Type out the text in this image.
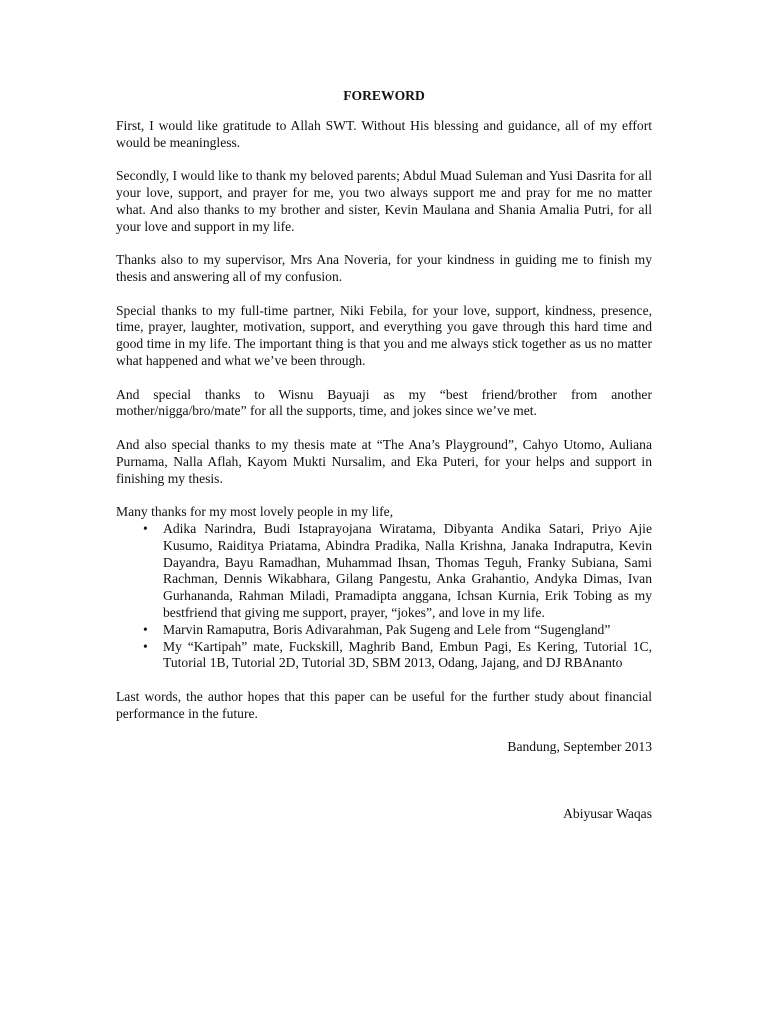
FOREWORD

First, I would like gratitude to Allah SWT. Without His blessing and guidance, all of my effort would be meaningless.

Secondly, I would like to thank my beloved parents; Abdul Muad Suleman and Yusi Dasrita for all your love, support, and prayer for me, you two always support me and pray for me no matter what. And also thanks to my brother and sister, Kevin Maulana and Shania Amalia Putri, for all your love and support in my life.

Thanks also to my supervisor, Mrs Ana Noveria, for your kindness in guiding me to finish my thesis and answering all of my confusion.

Special thanks to my full-time partner, Niki Febila, for your love, support, kindness, presence, time, prayer, laughter, motivation, support, and everything you gave through this hard time and good time in my life. The important thing is that you and me always stick together as us no matter what happened and what we’ve been through.

And special thanks to Wisnu Bayuaji as my “best friend/brother from another mother/nigga/bro/mate” for all the supports, time, and jokes since we’ve met.

And also special thanks to my thesis mate at “The Ana’s Playground”, Cahyo Utomo, Auliana Purnama, Nalla Aflah, Kayom Mukti Nursalim, and Eka Puteri, for your helps and support in finishing my thesis.

Many thanks for my most lovely people in my life,
• Adika Narindra, Budi Istaprayojana Wiratama, Dibyanta Andika Satari, Priyo Ajie Kusumo, Raiditya Priatama, Abindra Pradika, Nalla Krishna, Janaka Indraputra, Kevin Dayandra, Bayu Ramadhan, Muhammad Ihsan, Thomas Teguh, Franky Subiana, Sami Rachman, Dennis Wikabhara, Gilang Pangestu, Anka Grahantio, Andyka Dimas, Ivan Gurhananda, Rahman Miladi, Pramadipta anggana, Ichsan Kurnia, Erik Tobing as my bestfriend that giving me support, prayer, “jokes”, and love in my life.
• Marvin Ramaputra, Boris Adivarahman, Pak Sugeng and Lele from “Sugengland”
• My “Kartipah” mate, Fuckskill, Maghrib Band, Embun Pagi, Es Kering, Tutorial 1C, Tutorial 1B, Tutorial 2D, Tutorial 3D, SBM 2013, Odang, Jajang, and DJ RBAnanto

Last words, the author hopes that this paper can be useful for the further study about financial performance in the future.

Bandung, September 2013
Abiyusar Waqas
